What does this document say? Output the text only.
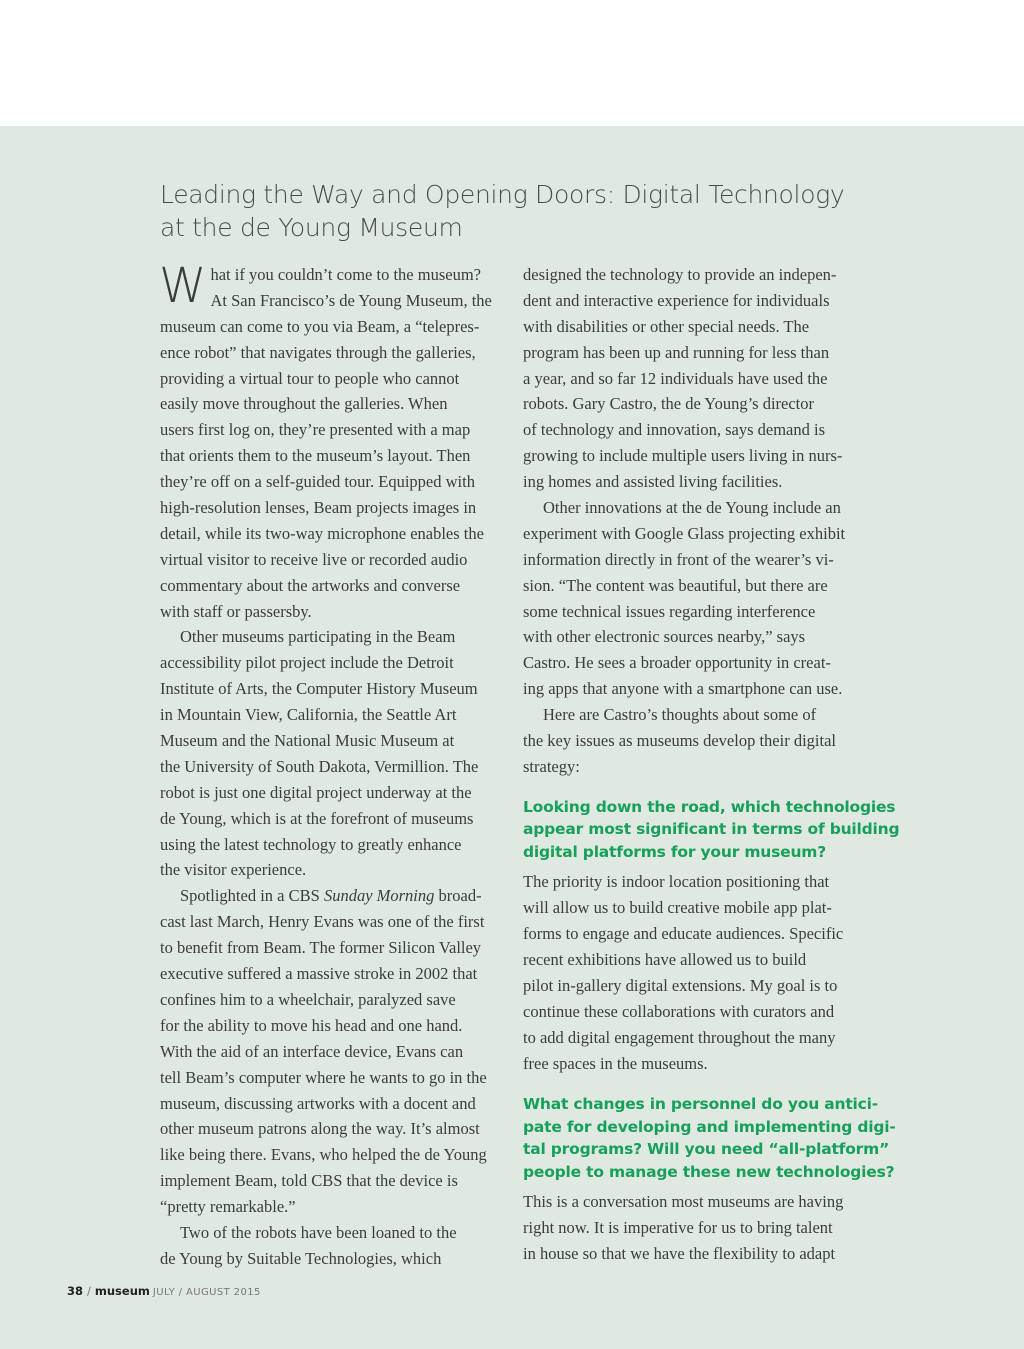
Leading the Way and Opening Doors: Digital Technology
at the de Young Museum
W hat if you couldn’t come to the museum?
At San Francisco’s de Young Museum, the
museum can come to you via Beam, a “telepres-
ence robot” that navigates through the galleries,
providing a virtual tour to people who cannot
easily move throughout the galleries. When
users first log on, they’re presented with a map
that orients them to the museum’s layout. Then
they’re off on a self-guided tour. Equipped with
high-resolution lenses, Beam projects images in
detail, while its two-way microphone enables the
virtual visitor to receive live or recorded audio
commentary about the artworks and converse
with staff or passersby.
Other museums participating in the Beam
accessibility pilot project include the Detroit
Institute of Arts, the Computer History Museum
in Mountain View, California, the Seattle Art
Museum and the National Music Museum at
the University of South Dakota, Vermillion. The
robot is just one digital project underway at the
de Young, which is at the forefront of museums
using the latest technology to greatly enhance
the visitor experience.
Spotlighted in a CBS Sunday Morning broad-
cast last March, Henry Evans was one of the first
to benefit from Beam. The former Silicon Valley
executive suffered a massive stroke in 2002 that
confines him to a wheelchair, paralyzed save
for the ability to move his head and one hand.
With the aid of an interface device, Evans can
tell Beam’s computer where he wants to go in the
museum, discussing artworks with a docent and
other museum patrons along the way. It’s almost
like being there. Evans, who helped the de Young
implement Beam, told CBS that the device is
“pretty remarkable.”
Two of the robots have been loaned to the
de Young by Suitable Technologies, which
designed the technology to provide an indepen-
dent and interactive experience for individuals
with disabilities or other special needs. The
program has been up and running for less than
a year, and so far 12 individuals have used the
robots. Gary Castro, the de Young’s director
of technology and innovation, says demand is
growing to include multiple users living in nurs-
ing homes and assisted living facilities.
Other innovations at the de Young include an
experiment with Google Glass projecting exhibit
information directly in front of the wearer’s vi-
sion. “The content was beautiful, but there are
some technical issues regarding interference
with other electronic sources nearby,” says
Castro. He sees a broader opportunity in creat-
ing apps that anyone with a smartphone can use.
Here are Castro’s thoughts about some of
the key issues as museums develop their digital
strategy:
Looking down the road, which technologies
appear most significant in terms of building
digital platforms for your museum?
The priority is indoor location positioning that
will allow us to build creative mobile app plat-
forms to engage and educate audiences. Specific
recent exhibitions have allowed us to build
pilot in-gallery digital extensions. My goal is to
continue these collaborations with curators and
to add digital engagement throughout the many
free spaces in the museums.
What changes in personnel do you antici-
pate for developing and implementing digi-
tal programs? Will you need “all-platform”
people to manage these new technologies?
This is a conversation most museums are having
right now. It is imperative for us to bring talent
in house so that we have the flexibility to adapt
38 / museum JULY / AUGUST 2015
